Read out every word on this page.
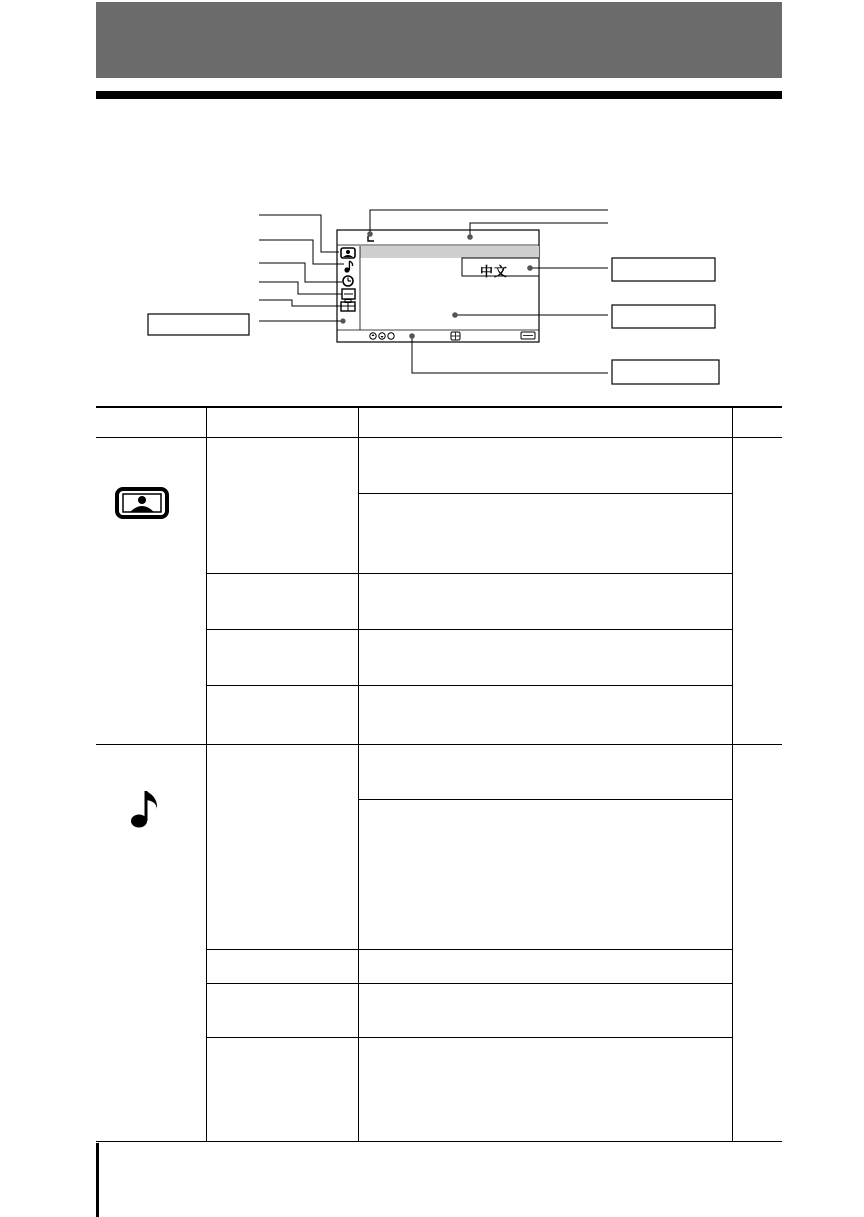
中文
